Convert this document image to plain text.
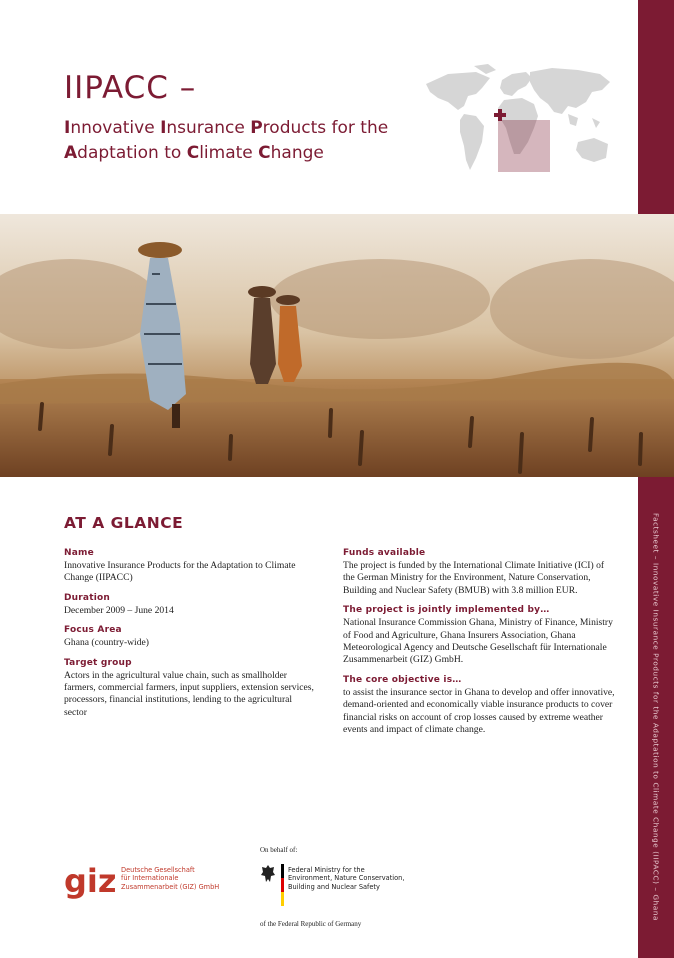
Factsheet – Innovative Insurance Products for the Adaptation to Climate Change (IIPACC) – Ghana
IIPACC –
Innovative Insurance Products for the
Adaptation to Climate Change
AT A GLANCE
Name
Innovative Insurance Products for the Adaptation to Climate Change (IIPACC)
Duration
December 2009 – June 2014
Focus Area
Ghana (country-wide)
Target group
Actors in the agricultural value chain, such as smallholder farmers, commercial farmers, input suppliers, extension services, processors, financial institutions, lending to the agricultural sector
Funds available
The project is funded by the International Climate Initiative (ICI) of the German Ministry for the Environment, Nature Conservation, Building and Nuclear Safety (BMUB) with 3.8 million EUR.
The project is jointly implemented by…
National Insurance Commission Ghana, Ministry of Finance, Ministry of Food and Agriculture, Ghana Insurers Association, Ghana Meteorological Agency and Deutsche Gesellschaft für Internationale Zusammenarbeit (GIZ) GmbH.
The core objective is…
to assist the insurance sector in Ghana to develop and offer innovative, demand-oriented and economically viable insurance products to cover financial risks on account of crop losses caused by extreme weather events and impact of climate change.
giz Deutsche Gesellschaft
für Internationale
Zusammenarbeit (GIZ) GmbH
On behalf of:
Federal Ministry for the
Environment, Nature Conservation,
Building and Nuclear Safety
of the Federal Republic of Germany
